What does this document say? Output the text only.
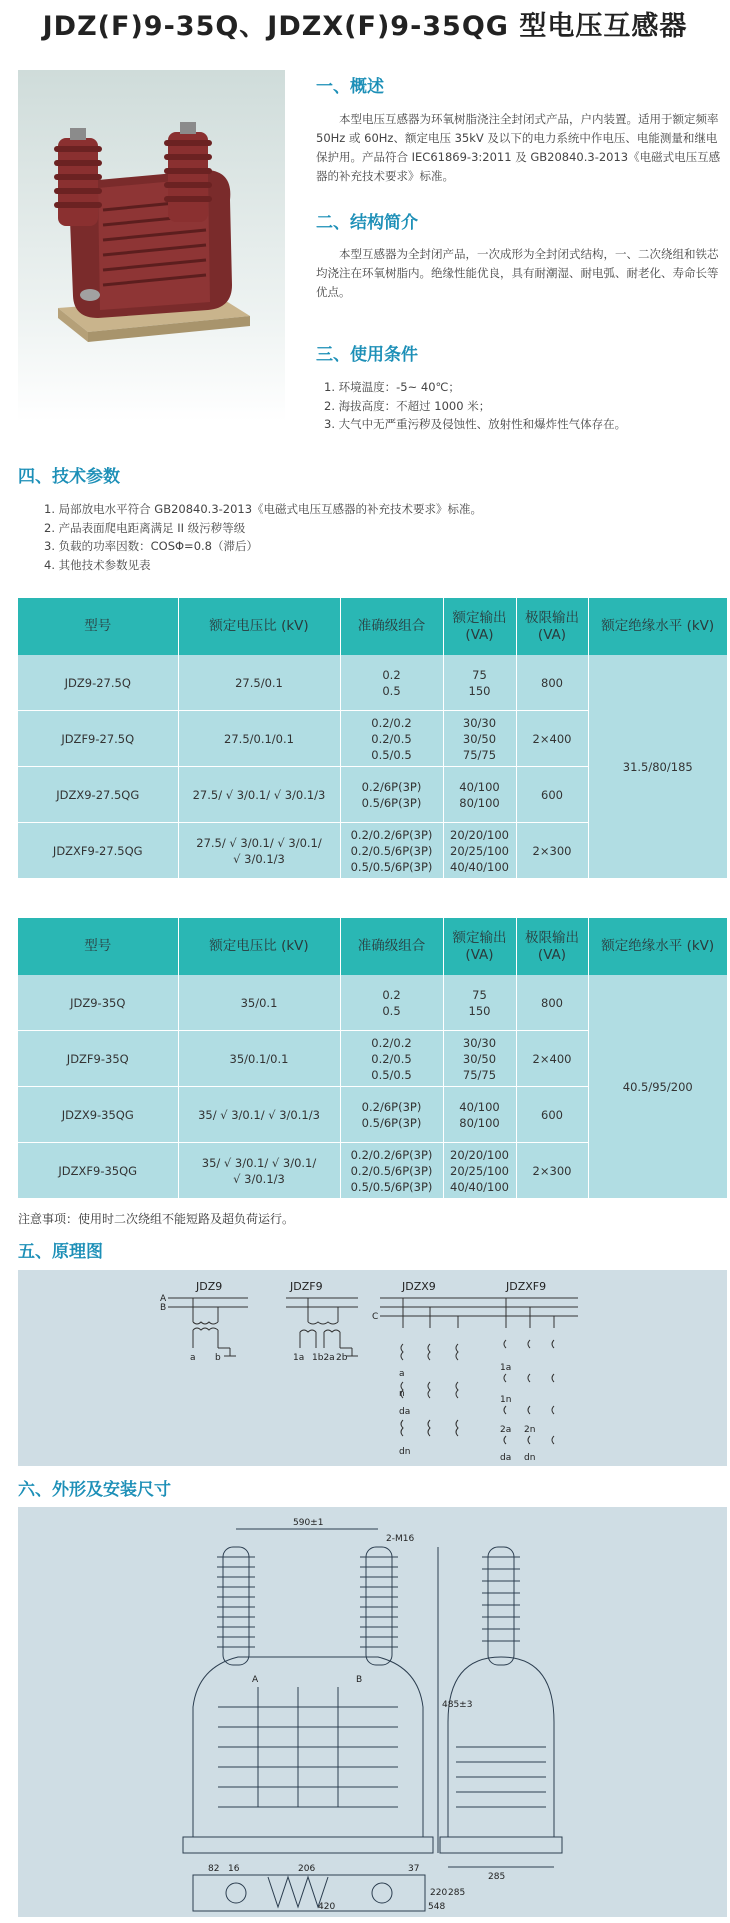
JDZ(F)9-35Q、JDZX(F)9-35QG 型电压互感器
一、概述
本型电压互感器为环氧树脂浇注全封闭式产品，户内装置。适用于额定频率 50Hz 或 60Hz、额定电压 35kV 及以下的电力系统中作电压、电能测量和继电保护用。产品符合 IEC61869-3:2011 及 GB20840.3-2013《电磁式电压互感器的补充技术要求》标准。
二、结构简介
本型互感器为全封闭产品，一次成形为全封闭式结构，一、二次绕组和铁芯均浇注在环氧树脂内。绝缘性能优良，具有耐潮湿、耐电弧、耐老化、寿命长等优点。
三、使用条件
1. 环境温度：-5~ 40℃；
2. 海拔高度：不超过 1000 米；
3. 大气中无严重污秽及侵蚀性、放射性和爆炸性气体存在。
四、技术参数
1. 局部放电水平符合 GB20840.3-2013《电磁式电压互感器的补充技术要求》标准。
2. 产品表面爬电距离满足 II 级污秽等级
3. 负载的功率因数：COSΦ=0.8（滞后）
4. 其他技术参数见表
型号	额定电压比 (kV)	准确级组合	额定输出 (VA)	极限输出 (VA)	额定绝缘水平 (kV)
JDZ9-27.5Q	27.5/0.1	0.2
0.5	75
150	800	31.5/80/185
JDZF9-27.5Q	27.5/0.1/0.1	0.2/0.2
0.2/0.5
0.5/0.5	30/30
30/50
75/75	2×400	
JDZX9-27.5QG	27.5/ √ 3/0.1/ √ 3/0.1/3	0.2/6P(3P)
0.5/6P(3P)	40/100
80/100	600	
JDZXF9-27.5QG	27.5/ √ 3/0.1/ √ 3/0.1/
√ 3/0.1/3	0.2/0.2/6P(3P)
0.2/0.5/6P(3P)
0.5/0.5/6P(3P)	20/20/100
20/25/100
40/40/100	2×300	
型号	额定电压比 (kV)	准确级组合	额定输出 (VA)	极限输出 (VA)	额定绝缘水平 (kV)
JDZ9-35Q	35/0.1	0.2
0.5	75
150	800	40.5/95/200
JDZF9-35Q	35/0.1/0.1	0.2/0.2
0.2/0.5
0.5/0.5	30/30
30/50
75/75	2×400	
JDZX9-35QG	35/ √ 3/0.1/ √ 3/0.1/3	0.2/6P(3P)
0.5/6P(3P)	40/100
80/100	600	
JDZXF9-35QG	35/ √ 3/0.1/ √ 3/0.1/
√ 3/0.1/3	0.2/0.2/6P(3P)
0.2/0.5/6P(3P)
0.5/0.5/6P(3P)	20/20/100
20/25/100
40/40/100	2×300	
注意事项：使用时二次绕组不能短路及超负荷运行。
五、原理图
JDZ9	JDZF9	JDZX9	JDZXF9
A
B
C
a b	1a 1b2a 2b
a
da
dn
n
1a
1n
2a 2n
da dn
六、外形及安装尺寸
590±1
2-M16
485±3
285
A	B
206	37
82 16
420	548
220 285
